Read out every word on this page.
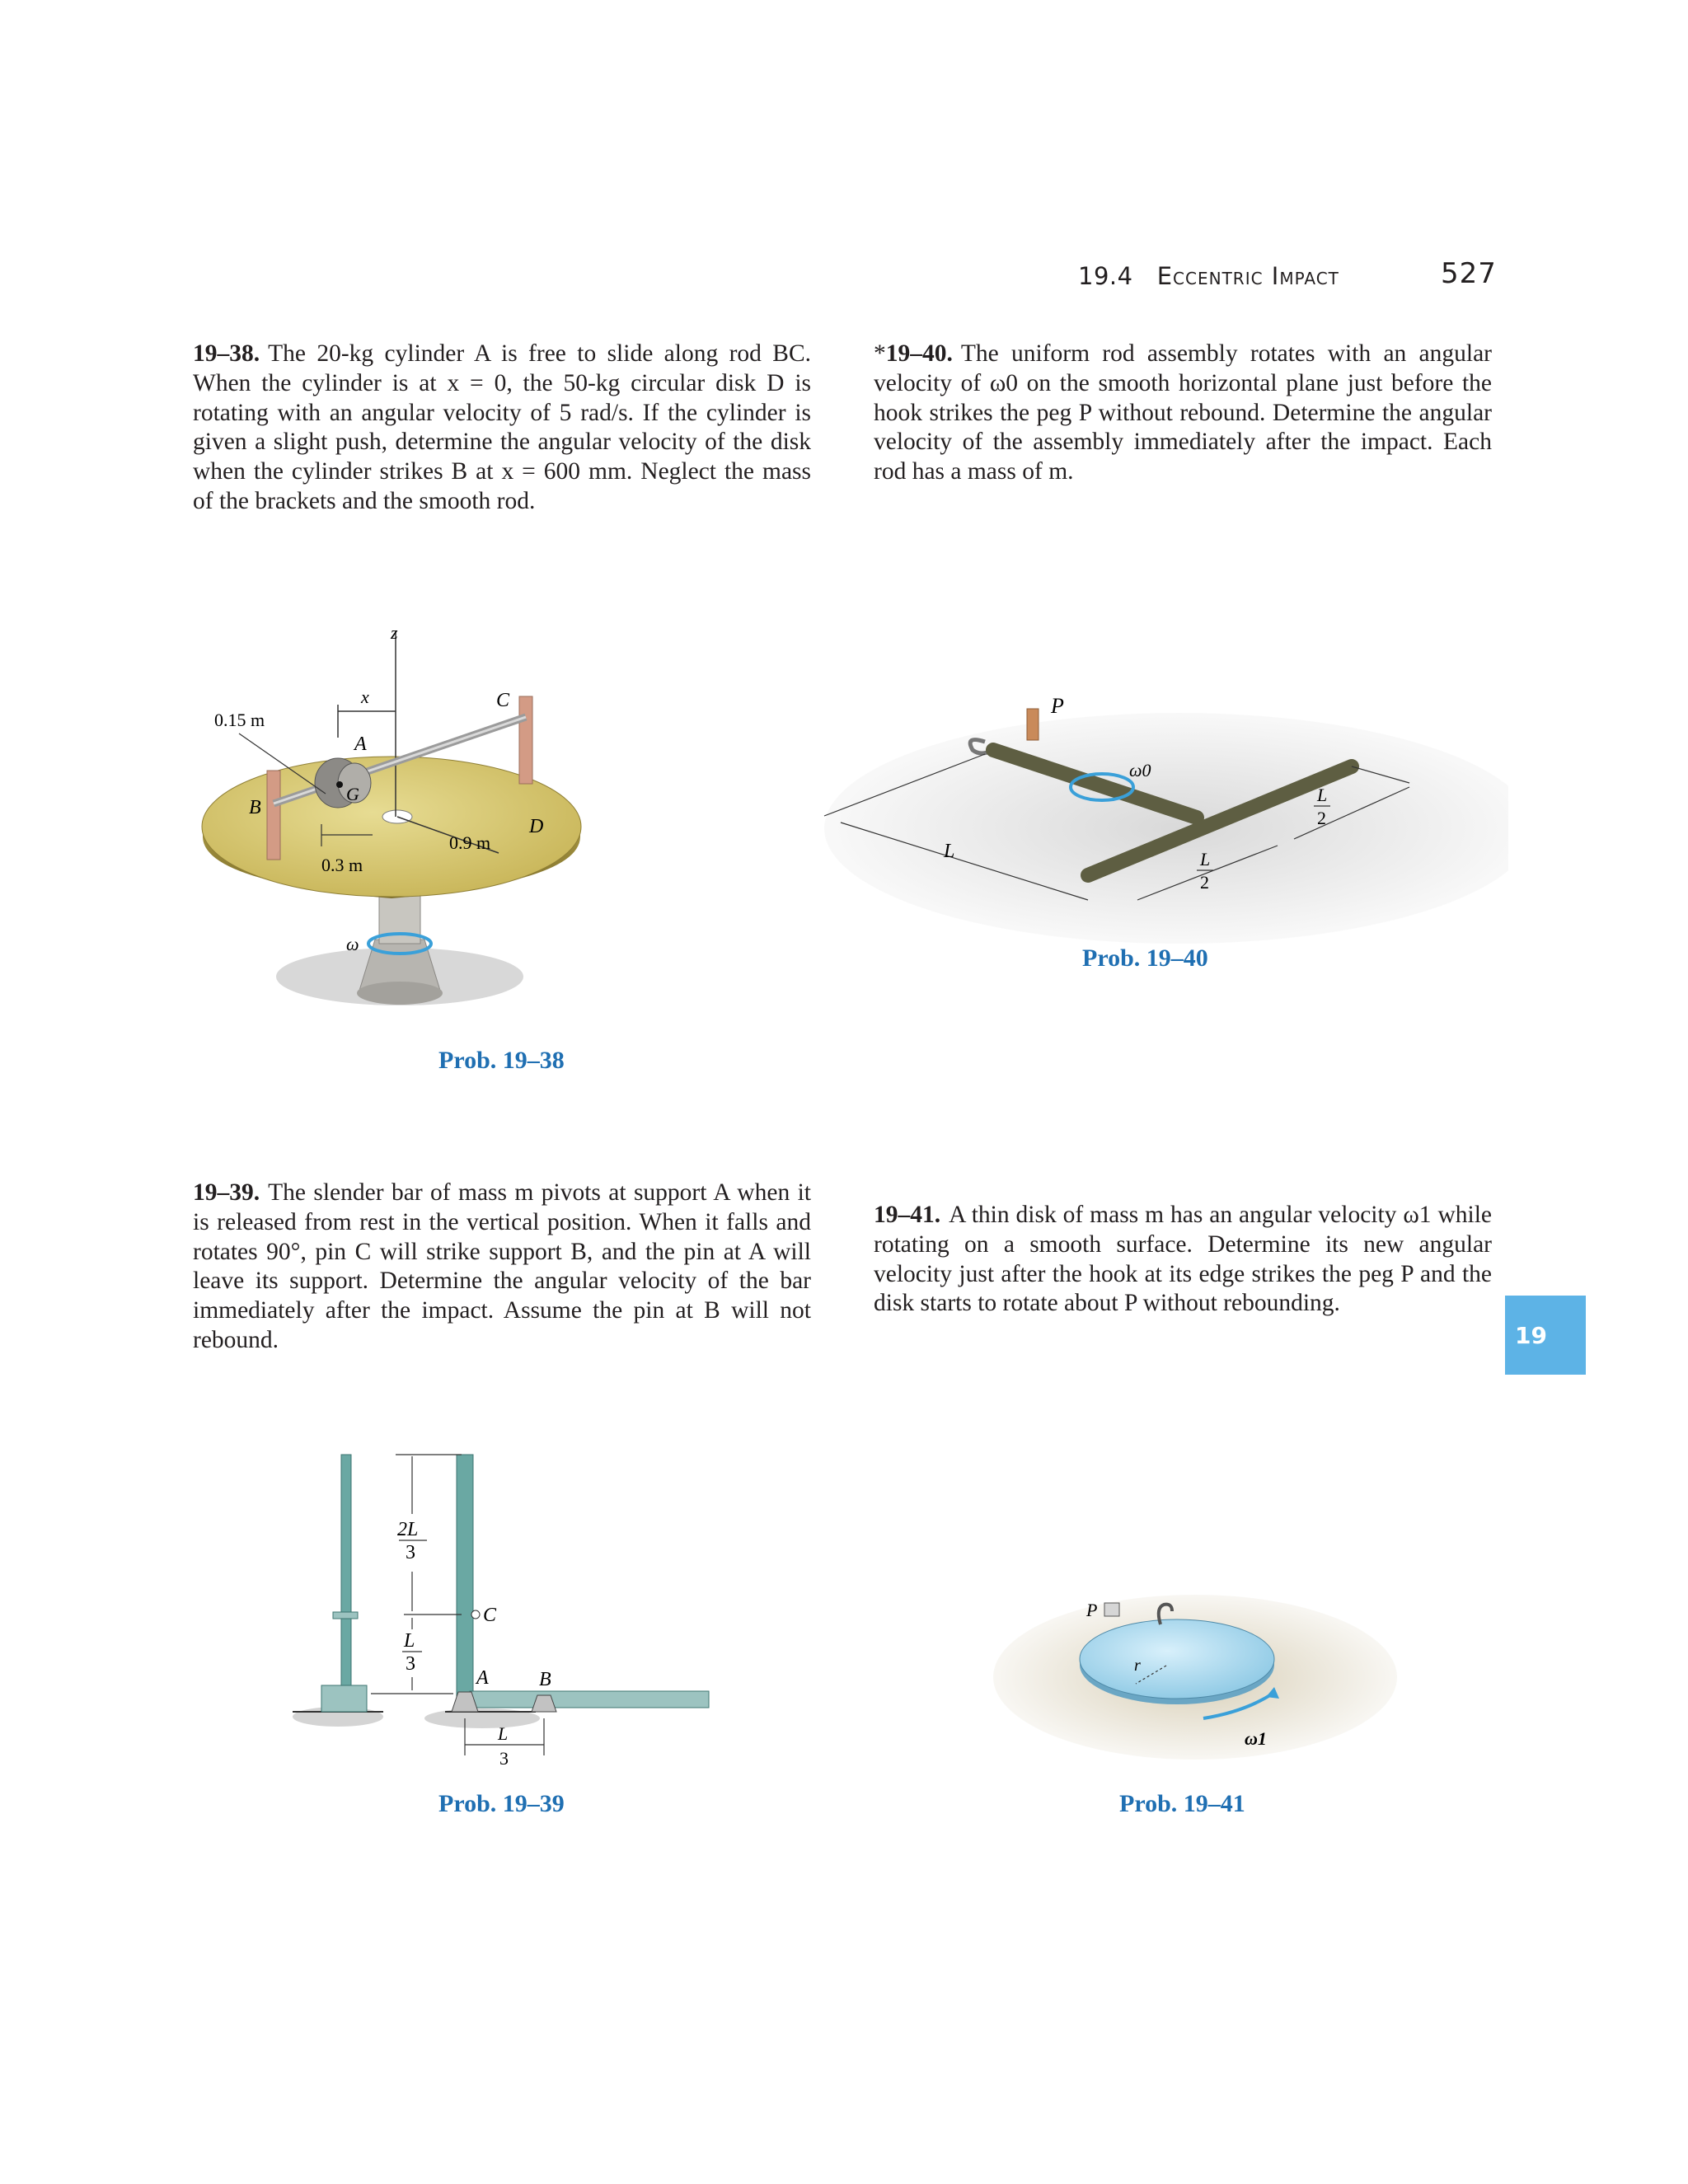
19.4 Eccentric Impact	527
19–38. The 20-kg cylinder A is free to slide along rod BC. When the cylinder is at x = 0, the 50-kg circular disk D is rotating with an angular velocity of 5 rad/s. If the cylinder is given a slight push, determine the angular velocity of the disk when the cylinder strikes B at x = 600 mm. Neglect the mass of the brackets and the smooth rod.
*19–40. The uniform rod assembly rotates with an angular velocity of ω0 on the smooth horizontal plane just before the hook strikes the peg P without rebound. Determine the angular velocity of the assembly immediately after the impact. Each rod has a mass of m.
ω
0.9 m
D
z
B
C
G
A
x
0.15 m
0.3 m
Prob. 19–38
P
ω0
L	L
2
L
2
Prob. 19–40
19–39. The slender bar of mass m pivots at support A when it is released from rest in the vertical position. When it falls and rotates 90°, pin C will strike support B, and the pin at A will leave its support. Determine the angular velocity of the bar immediately after the impact. Assume the pin at B will not rebound.
19–41. A thin disk of mass m has an angular velocity ω1 while rotating on a smooth surface. Determine its new angular velocity just after the hook at its edge strikes the peg P and the disk starts to rotate about P without rebounding.
19
A	B
C
2L
3
L
3
L
3
Prob. 19–39
P
r
ω1
Prob. 19–41
